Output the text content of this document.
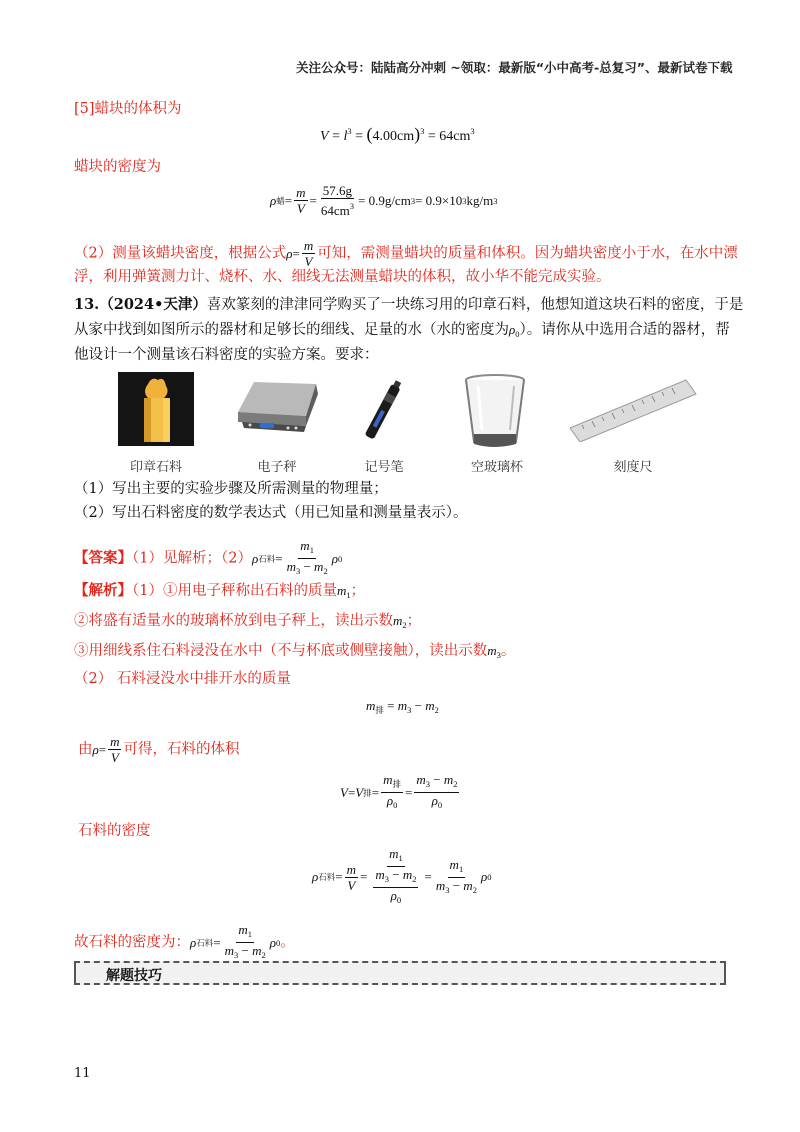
关注公众号：陆陆高分冲刺 ~领取：最新版“小中高考-总复习”、最新试卷下载
[5]蜡块的体积为
$V = l^3 = (4.00cm)^3 = 64cm^3$
蜡块的密度为
ρ 蜡 = $\frac{m}{V} = \frac{57.6g}{64cm^3} = 0.9g/cm$ 3 = 0.9×10 3 kg/m 3
（2）测量该蜡块密度，根据公式 $\rho = \frac{m}{V}$ 可知，需测量蜡块的质量和体积。因为蜡块密度小于水，在水中漂
浮，利用弹簧测力计、烧杯、水、细线无法测量蜡块的体积，故小华不能完成实验。
13.（2024•天津）喜欢篆刻的津津同学购买了一块练习用的印章石料，他想知道这块石料的密度，于是
从家中找到如图所示的器材和足够长的细线、足量的水（水的密度为$\rho_0$）。请你从中选用合适的器材，帮
他设计一个测量该石料密度的实验方案。要求：
印章石料	电子秤	记号笔	空玻璃杯	刻度尺
（1）写出主要的实验步骤及所需测量的物理量；
（2）写出石料密度的数学表达式（用已知量和测量量表示）。
【答案】（1）见解析；（2） ρ 石料 = $\frac{m_1}{m_3 - m_2}$ ρ 0
【解析】（1）①用电子秤称出石料的质量$m_1$；
②将盛有适量水的玻璃杯放到电子秤上，读出示数$m_2$；
③用细线系住石料浸没在水中（不与杯底或侧壁接触），读出示数$m_3$。
（2） 石料浸没水中排开水的质量
$m_排 = m_3 - m_2$
由 $\rho = \frac{m}{V}$ 可得，石料的体积
V = V 排 = $\frac{m_排}{\rho_0} = \frac{m_3 - m_2}{\rho_0}$
石料的密度
ρ 石料 = $\frac{m}{V} = \frac{m_1}{\frac{m_3 - m_2}{\rho_0}} = \frac{m_1}{m_3 - m_2}$ ρ 0
故石料的密度为： ρ 石料 = $\frac{m_1}{m_3 - m_2}$ ρ 0 。
解题技巧
11
